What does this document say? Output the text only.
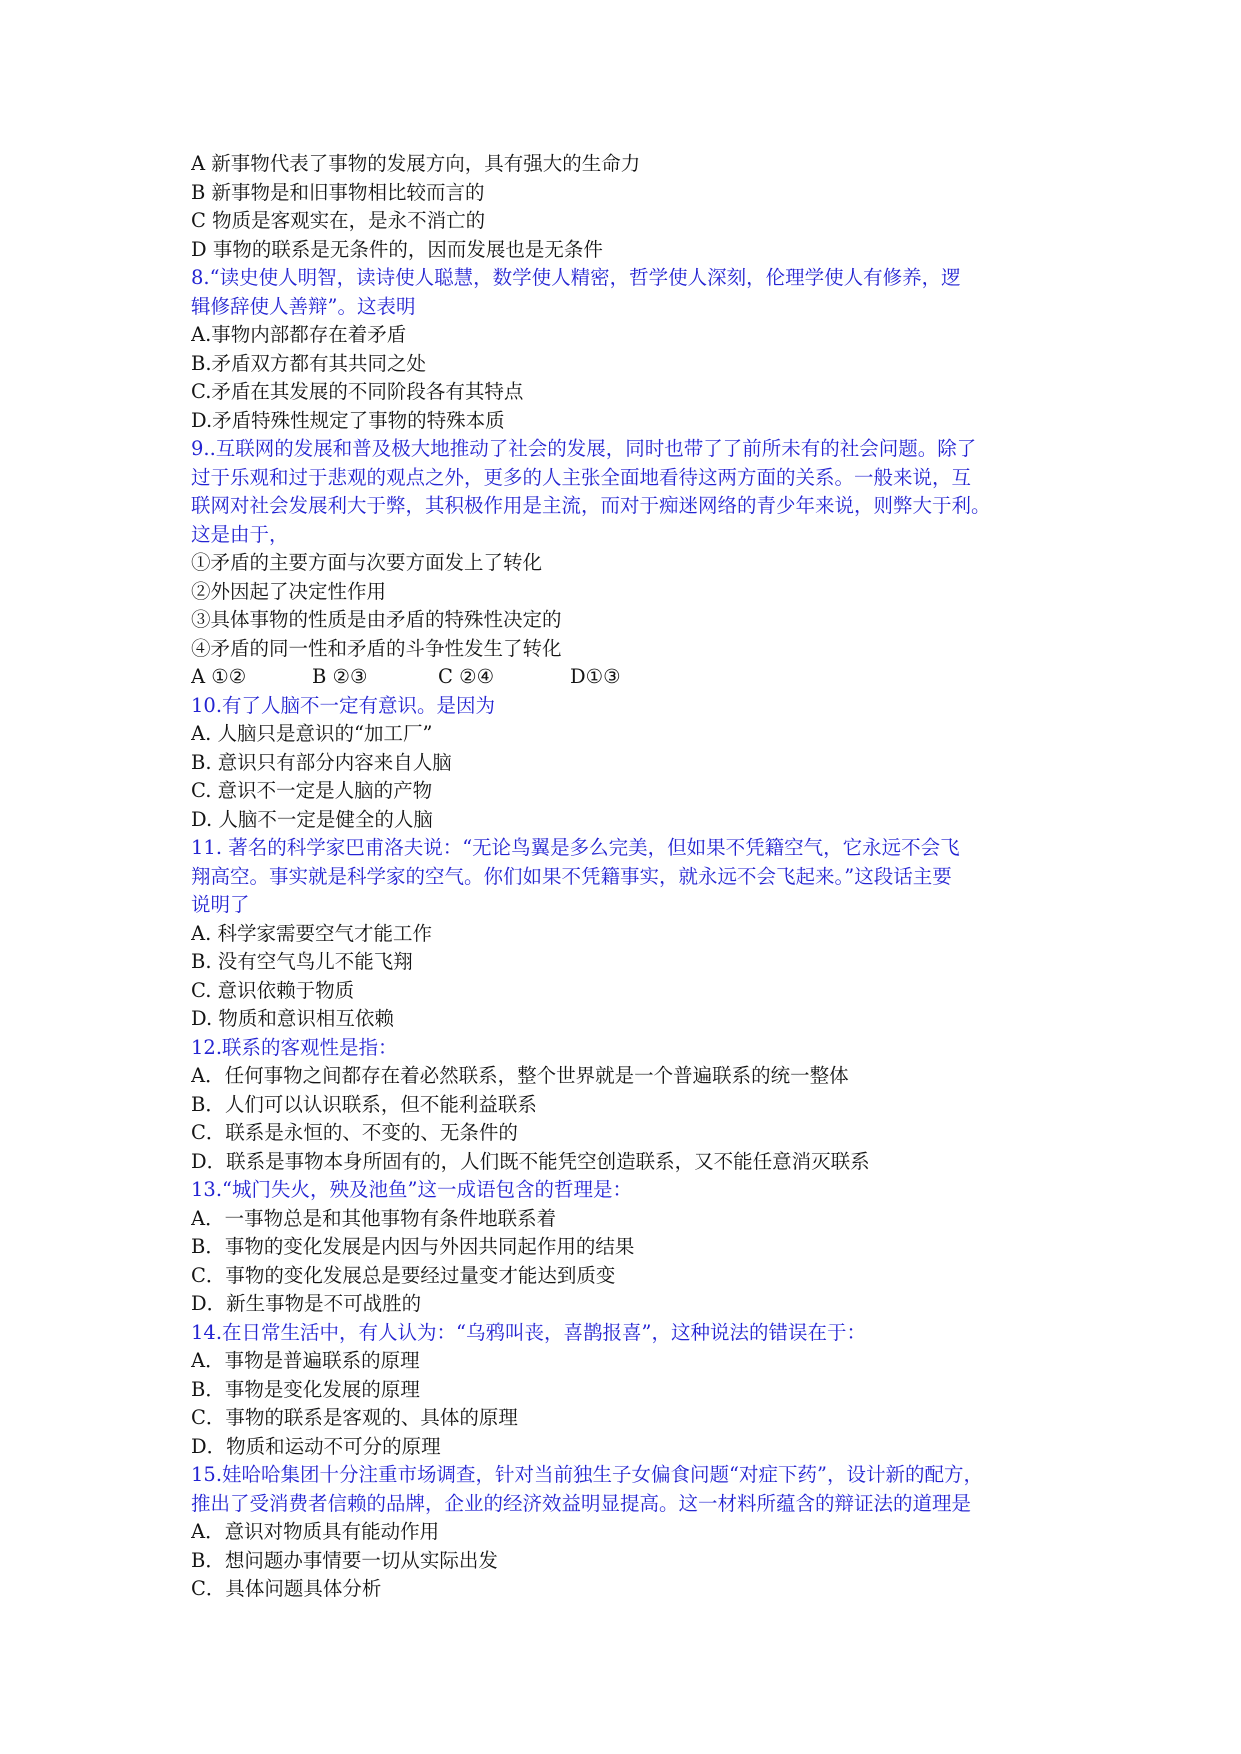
A 新事物代表了事物的发展方向，具有强大的生命力
B 新事物是和旧事物相比较而言的
C 物质是客观实在，是永不消亡的
D 事物的联系是无条件的，因而发展也是无条件
8.“读史使人明智，读诗使人聪慧，数学使人精密，哲学使人深刻，伦理学使人有修养，逻
辑修辞使人善辩”。这表明
A.事物内部都存在着矛盾
B.矛盾双方都有其共同之处
C.矛盾在其发展的不同阶段各有其特点
D.矛盾特殊性规定了事物的特殊本质
9..互联网的发展和普及极大地推动了社会的发展，同时也带了了前所未有的社会问题。除了
过于乐观和过于悲观的观点之外，更多的人主张全面地看待这两方面的关系。一般来说，互
联网对社会发展利大于弊，其积极作用是主流，而对于痴迷网络的青少年来说，则弊大于利。
这是由于，
①矛盾的主要方面与次要方面发上了转化
②外因起了决定性作用
③具体事物的性质是由矛盾的特殊性决定的
④矛盾的同一性和矛盾的斗争性发生了转化
A ①②	B ②③	C ②④	D①③
10.有了人脑不一定有意识。是因为
A. 人脑只是意识的“加工厂”
B. 意识只有部分内容来自人脑
C. 意识不一定是人脑的产物
D. 人脑不一定是健全的人脑
11. 著名的科学家巴甫洛夫说：“无论鸟翼是多么完美，但如果不凭籍空气，它永远不会飞
翔高空。事实就是科学家的空气。你们如果不凭籍事实，就永远不会飞起来。”这段话主要
说明了
A. 科学家需要空气才能工作
B. 没有空气鸟儿不能飞翔
C. 意识依赖于物质
D. 物质和意识相互依赖
12.联系的客观性是指：
A．任何事物之间都存在着必然联系，整个世界就是一个普遍联系的统一整体
B．人们可以认识联系，但不能利益联系
C．联系是永恒的、不变的、无条件的
D．联系是事物本身所固有的，人们既不能凭空创造联系，又不能任意消灭联系
13.“城门失火，殃及池鱼”这一成语包含的哲理是：
A．一事物总是和其他事物有条件地联系着
B．事物的变化发展是内因与外因共同起作用的结果
C．事物的变化发展总是要经过量变才能达到质变
D．新生事物是不可战胜的
14.在日常生活中，有人认为：“乌鸦叫丧，喜鹊报喜”，这种说法的错误在于：
A．事物是普遍联系的原理
B．事物是变化发展的原理
C．事物的联系是客观的、具体的原理
D．物质和运动不可分的原理
15.娃哈哈集团十分注重市场调查，针对当前独生子女偏食问题“对症下药”，设计新的配方，
推出了受消费者信赖的品牌，企业的经济效益明显提高。这一材料所蕴含的辩证法的道理是
A．意识对物质具有能动作用
B．想问题办事情要一切从实际出发
C．具体问题具体分析
